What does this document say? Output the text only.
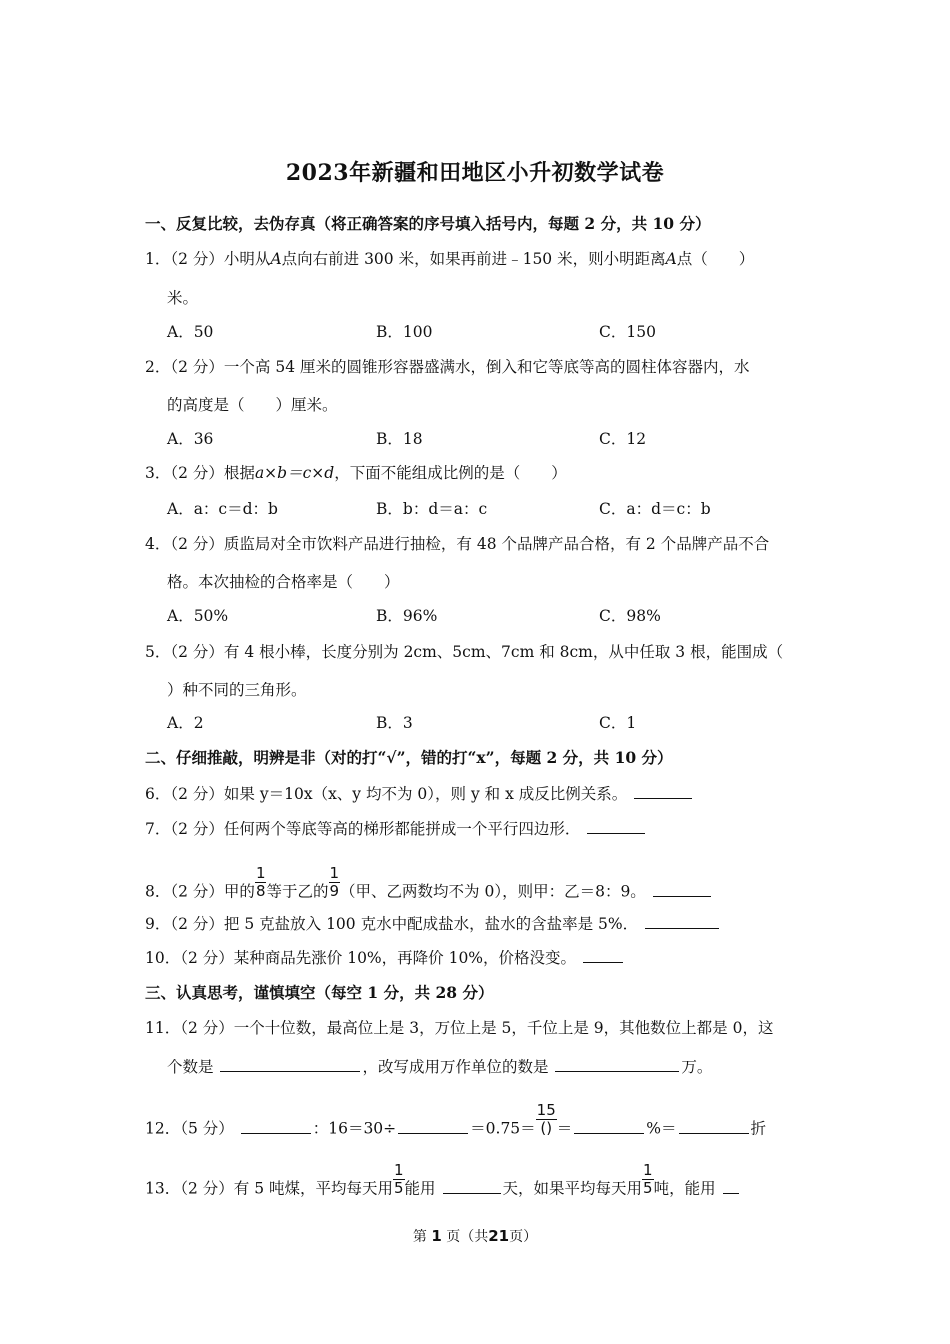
2023年新疆和田地区小升初数学试卷
一、反复比较，去伪存真（将正确答案的序号填入括号内，每题 2 分，共 10 分）
1．（2 分）小明从A点向右前进 300 米，如果再前进﹣150 米，则小明距离A点（　　）
米。
A．50	B．100	C．150
2．（2 分）一个高 54 厘米的圆锥形容器盛满水，倒入和它等底等高的圆柱体容器内，水
的高度是（　　）厘米。
A．36	B．18	C．12
3．（2 分）根据a×b＝c×d，下面不能组成比例的是（　　）
A．a：c＝d：b	B．b：d＝a：c	C．a：d＝c：b
4．（2 分）质监局对全市饮料产品进行抽检，有 48 个品牌产品合格，有 2 个品牌产品不合
格。本次抽检的合格率是（　　）
A．50%	B．96%	C．98%
5．（2 分）有 4 根小棒，长度分别为 2cm、5cm、7cm 和 8cm，从中任取 3 根，能围成（
）种不同的三角形。
A．2	B．3	C．1
二、仔细推敲，明辨是非（对的打“√”，错的打“x”，每题 2 分，共 10 分）
6．（2 分）如果 y＝10x（x、y 均不为 0），则 y 和 x 成反比例关系。
7．（2 分）任何两个等底等高的梯形都能拼成一个平行四边形．
8．（2 分）甲的 $\frac{1}{8}$ 等于乙的 $\frac{1}{9}$ （甲、乙两数均不为 0），则甲：乙＝8：9。
9．（2 分）把 5 克盐放入 100 克水中配成盐水，盐水的含盐率是 5%．
10．（2 分）某种商品先涨价 10%，再降价 10%，价格没变。
三、认真思考，谨慎填空（每空 1 分，共 28 分）
11．（2 分）一个十位数，最高位上是 3，万位上是 5，千位上是 9，其他数位上都是 0，这
个数是	，改写成用万作单位的数是	万。
12．（5 分）	：16＝30÷	$=0.75= \frac{15}{()}$ ＝	%＝	折
13．（2 分）有 5 吨煤，平均每天用 $\frac{1}{5}$ 能用	天，如果平均每天用 $\frac{1}{5}$ 吨，能用
第 1 页（共21页）
